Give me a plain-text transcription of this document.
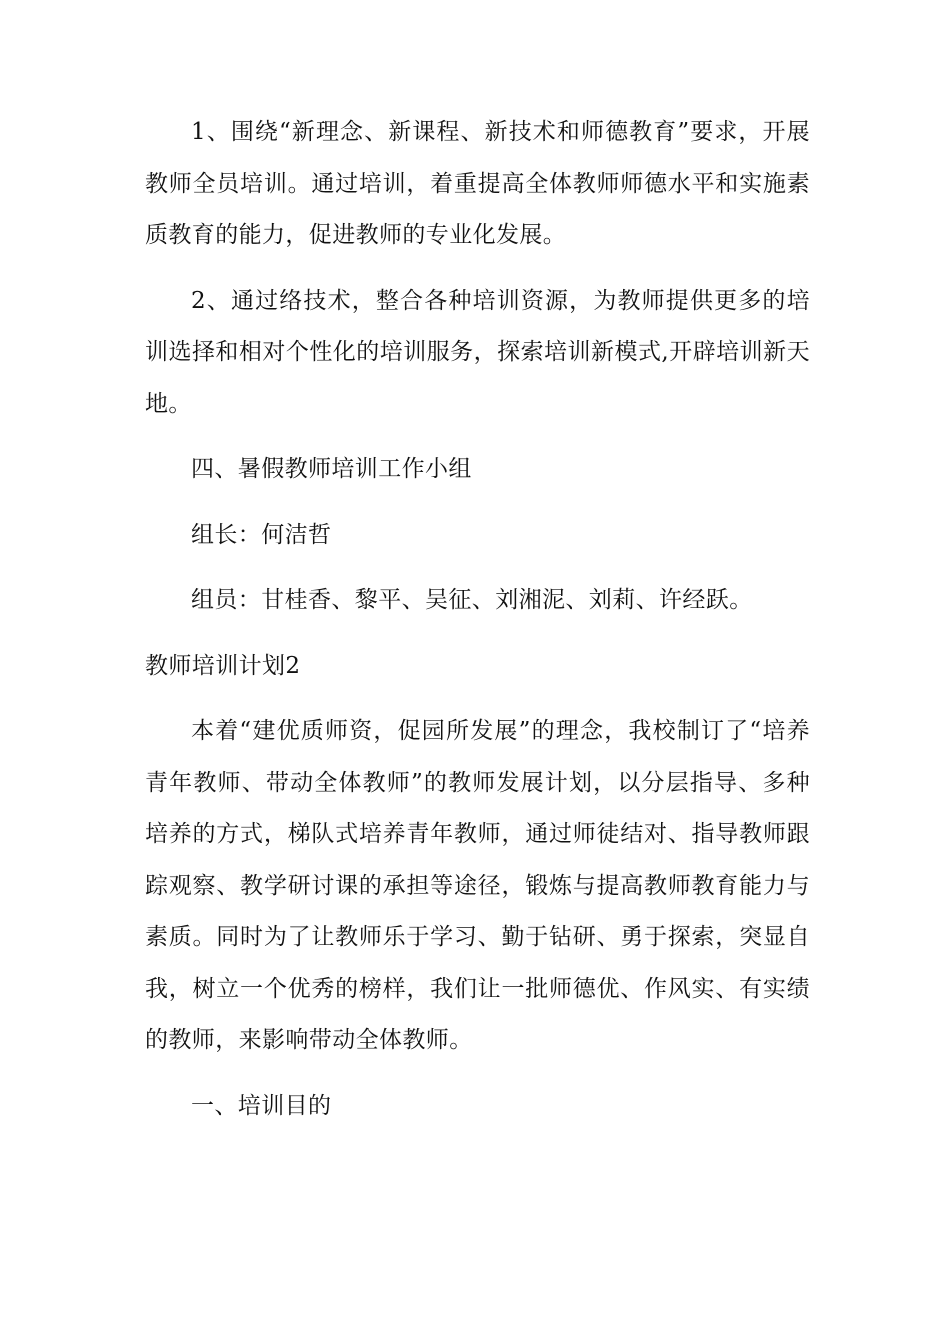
1、围绕“新理念、新课程、新技术和师德教育”要求，开展教师全员培训。通过培训，着重提高全体教师师德水平和实施素质教育的能力，促进教师的专业化发展。

2、通过络技术，整合各种培训资源，为教师提供更多的培训选择和相对个性化的培训服务，探索培训新模式,开辟培训新天地。

四、暑假教师培训工作小组

组长：何洁哲

组员：甘桂香、黎平、吴征、刘湘泥、刘莉、许经跃。

教师培训计划2

本着“建优质师资，促园所发展”的理念，我校制订了“培养青年教师、带动全体教师”的教师发展计划，以分层指导、多种培养的方式，梯队式培养青年教师，通过师徒结对、指导教师跟踪观察、教学研讨课的承担等途径，锻炼与提高教师教育能力与素质。同时为了让教师乐于学习、勤于钻研、勇于探索，突显自我，树立一个优秀的榜样，我们让一批师德优、作风实、有实绩的教师，来影响带动全体教师。

一、培训目的
